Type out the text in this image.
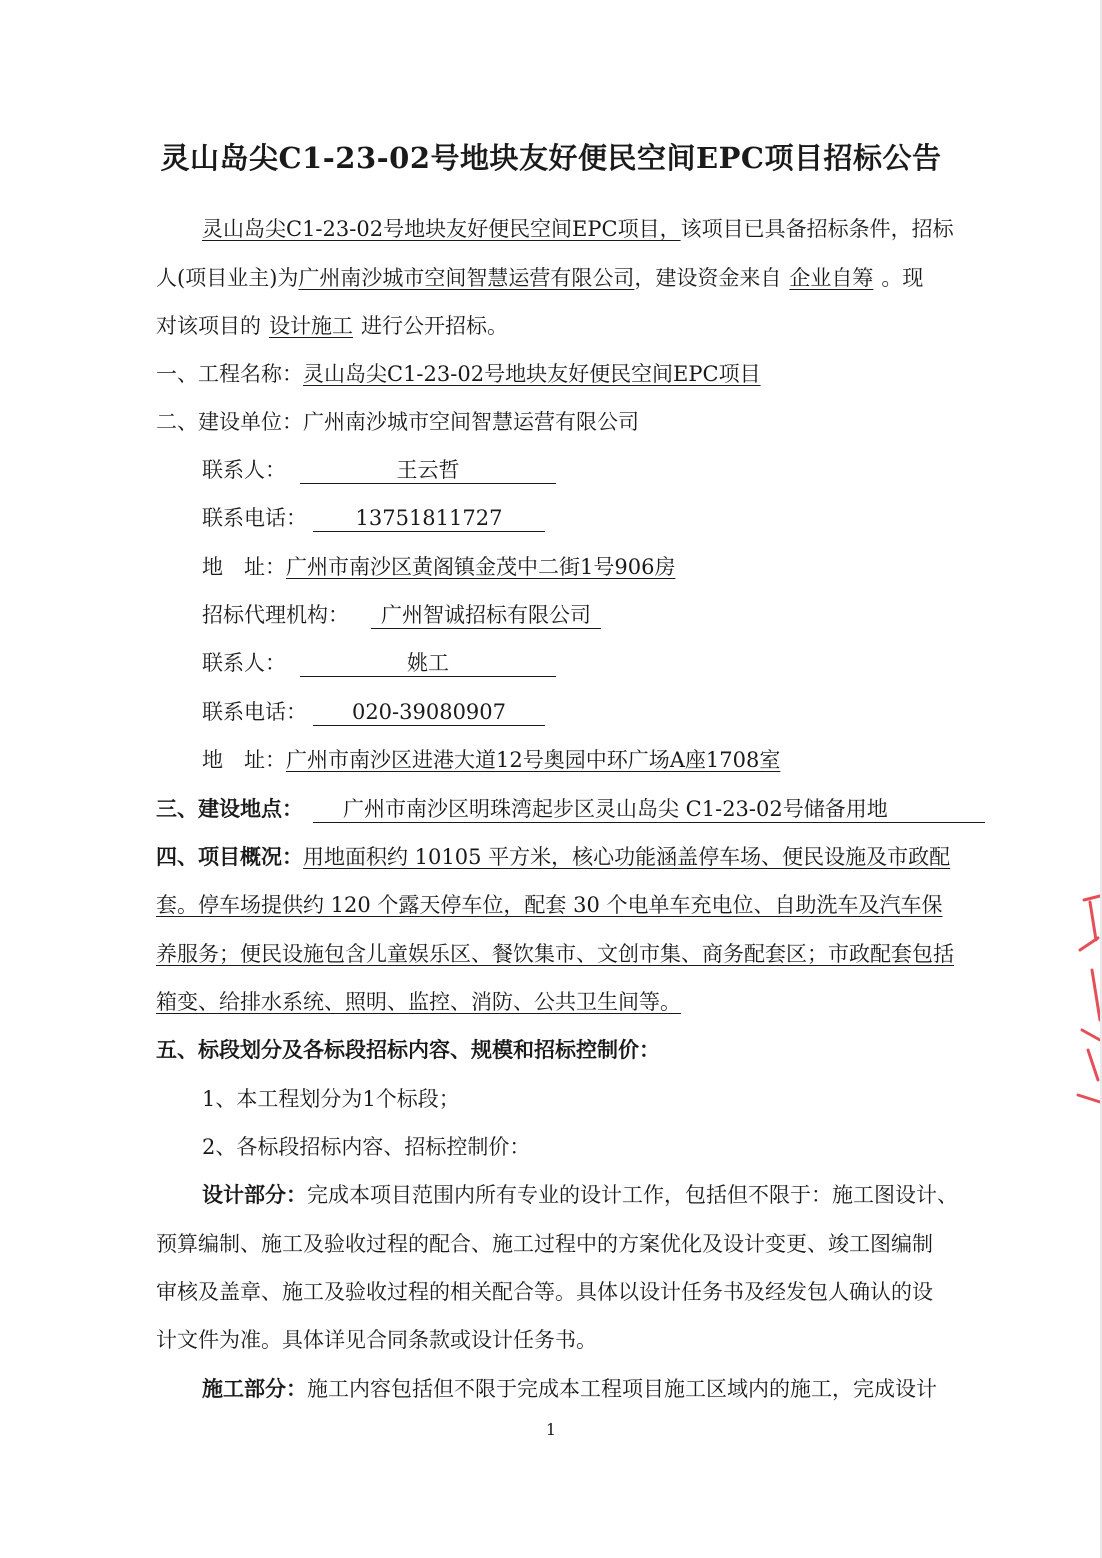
灵山岛尖C1-23-02号地块友好便民空间EPC项目招标公告
灵山岛尖C1-23-02号地块友好便民空间EPC项目，该项目已具备招标条件，招标
人(项目业主)为广州南沙城市空间智慧运营有限公司，建设资金来自 企业自筹 。现
对该项目的 设计施工 进行公开招标。
一、工程名称：灵山岛尖C1-23-02号地块友好便民空间EPC项目
二、建设单位：广州南沙城市空间智慧运营有限公司
联系人：	王云哲
联系电话： 13751811727
地　址：广州市南沙区黄阁镇金茂中二街1号906房
招标代理机构： 广州智诚招标有限公司
联系人：	姚工
联系电话： 020-39080907
地　址：广州市南沙区进港大道12号奥园中环广场A座1708室
三、建设地点： 广州市南沙区明珠湾起步区灵山岛尖 C1-23-02号储备用地
四、项目概况：用地面积约 10105 平方米，核心功能涵盖停车场、便民设施及市政配
套。停车场提供约 120 个露天停车位，配套 30 个电单车充电位、自助洗车及汽车保
养服务；便民设施包含儿童娱乐区、餐饮集市、文创市集、商务配套区；市政配套包括
箱变、给排水系统、照明、监控、消防、公共卫生间等。
五、标段划分及各标段招标内容、规模和招标控制价：
1、本工程划分为1个标段；
2、各标段招标内容、招标控制价：
设计部分：完成本项目范围内所有专业的设计工作，包括但不限于：施工图设计、
预算编制、施工及验收过程的配合、施工过程中的方案优化及设计变更、竣工图编制
审核及盖章、施工及验收过程的相关配合等。具体以设计任务书及经发包人确认的设
计文件为准。具体详见合同条款或设计任务书。
施工部分：施工内容包括但不限于完成本工程项目施工区域内的施工，完成设计
1
